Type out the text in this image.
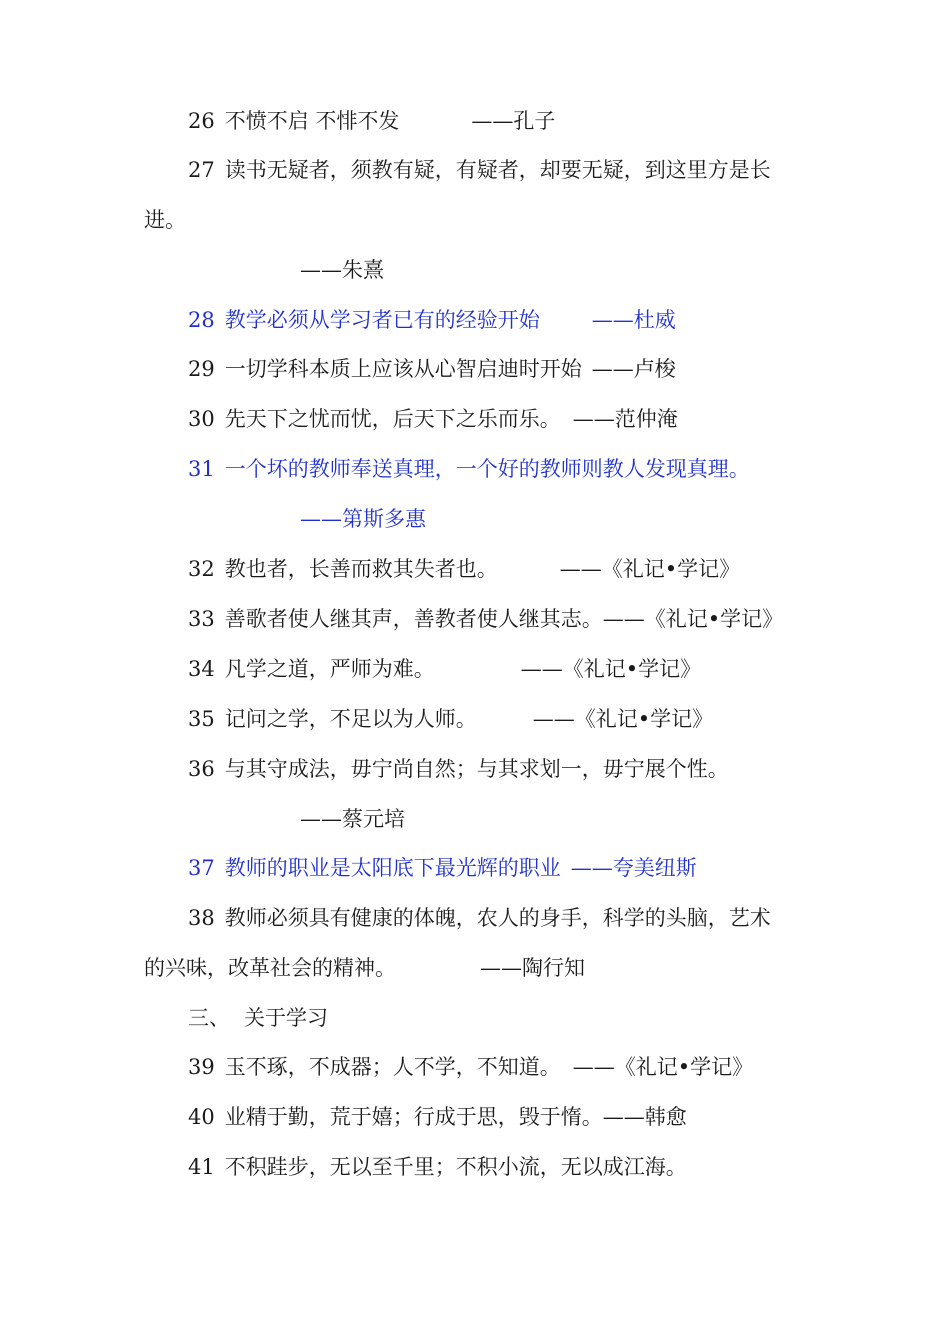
26 不愤不启 不悱不发	——孔子
27 读书无疑者，须教有疑，有疑者，却要无疑，到这里方是长
进。
——朱熹
28 教学必须从学习者已有的经验开始 ——杜威
29 一切学科本质上应该从心智启迪时开始 ——卢梭
30 先天下之忧而忧，后天下之乐而乐。 ——范仲淹
31 一个坏的教师奉送真理，一个好的教师则教人发现真理。
——第斯多惠
32 教也者，长善而救其失者也。	——《礼记•学记》
33 善歌者使人继其声，善教者使人继其志。——《礼记•学记》
34 凡学之道，严师为难。	——《礼记•学记》
35 记问之学，不足以为人师。	——《礼记•学记》
36 与其守成法，毋宁尚自然；与其求划一，毋宁展个性。
——蔡元培
37 教师的职业是太阳底下最光辉的职业 ——夸美纽斯
38 教师必须具有健康的体魄，农人的身手，科学的头脑，艺术
的兴味，改革社会的精神。	——陶行知
三、 关于学习
39 玉不琢，不成器；人不学，不知道。 ——《礼记•学记》
40 业精于勤，荒于嬉；行成于思，毁于惰。——韩愈
41 不积跬步，无以至千里；不积小流，无以成江海。
